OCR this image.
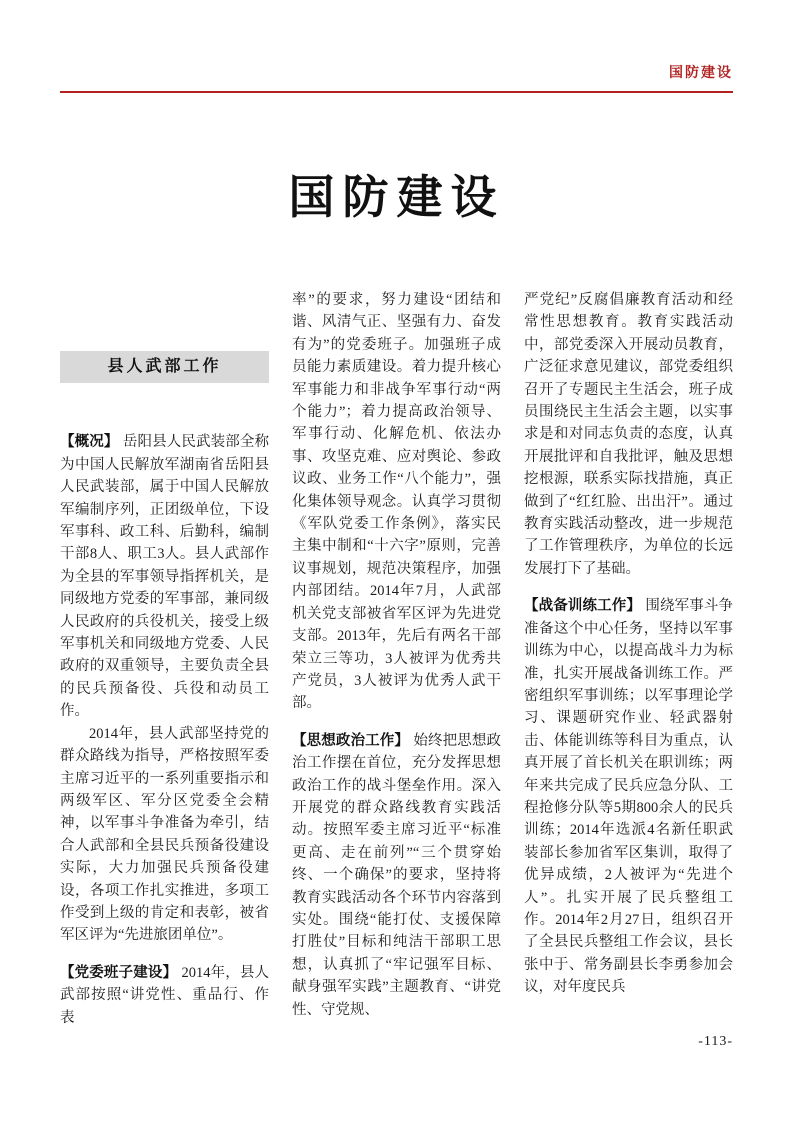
国防建设
国防建设
县人武部工作

【概况】 岳阳县人民武装部全称为中国人民解放军湖南省岳阳县人民武装部，属于中国人民解放军编制序列，正团级单位，下设军事科、政工科、后勤科，编制干部8人、职工3人。县人武部作为全县的军事领导指挥机关，是同级地方党委的军事部，兼同级人民政府的兵役机关，接受上级军事机关和同级地方党委、人民政府的双重领导，主要负责全县的民兵预备役、兵役和动员工作。

2014年，县人武部坚持党的群众路线为指导，严格按照军委主席习近平的一系列重要指示和两级军区、军分区党委全会精神，以军事斗争准备为牵引，结合人武部和全县民兵预备役建设实际，大力加强民兵预备役建设，各项工作扎实推进，多项工作受到上级的肯定和表彰，被省军区评为“先进旅团单位”。

【党委班子建设】 2014年，县人武部按照“讲党性、重品行、作表

率”的要求，努力建设“团结和谐、风清气正、坚强有力、奋发有为”的党委班子。加强班子成员能力素质建设。着力提升核心军事能力和非战争军事行动“两个能力”；着力提高政治领导、军事行动、化解危机、依法办事、攻坚克难、应对舆论、参政议政、业务工作“八个能力”，强化集体领导观念。认真学习贯彻《军队党委工作条例》，落实民主集中制和“十六字”原则，完善议事规划，规范决策程序，加强内部团结。2014年7月，人武部机关党支部被省军区评为先进党支部。2013年，先后有两名干部荣立三等功，3人被评为优秀共产党员，3人被评为优秀人武干部。

【思想政治工作】 始终把思想政治工作摆在首位，充分发挥思想政治工作的战斗堡垒作用。深入开展党的群众路线教育实践活动。按照军委主席习近平“标准更高、走在前列”“三个贯穿始终、一个确保”的要求，坚持将教育实践活动各个环节内容落到实处。围绕“能打仗、支援保障打胜仗”目标和纯洁干部职工思想，认真抓了“牢记强军目标、献身强军实践”主题教育、“讲党性、守党规、

严党纪”反腐倡廉教育活动和经常性思想教育。教育实践活动中，部党委深入开展动员教育，广泛征求意见建议，部党委组织召开了专题民主生活会，班子成员围绕民主生活会主题，以实事求是和对同志负责的态度，认真开展批评和自我批评，触及思想挖根源，联系实际找措施，真正做到了“红红脸、出出汗”。通过教育实践活动整改，进一步规范了工作管理秩序，为单位的长远发展打下了基础。

【战备训练工作】 围绕军事斗争准备这个中心任务，坚持以军事训练为中心，以提高战斗力为标准，扎实开展战备训练工作。严密组织军事训练；以军事理论学习、课题研究作业、轻武器射击、体能训练等科目为重点，认真开展了首长机关在职训练；两年来共完成了民兵应急分队、工程抢修分队等5期800余人的民兵训练；2014年选派4名新任职武装部长参加省军区集训，取得了优异成绩，2人被评为“先进个人”。扎实开展了民兵整组工作。2014年2月27日，组织召开了全县民兵整组工作会议，县长张中于、常务副县长李勇参加会议，对年度民兵

-113-
